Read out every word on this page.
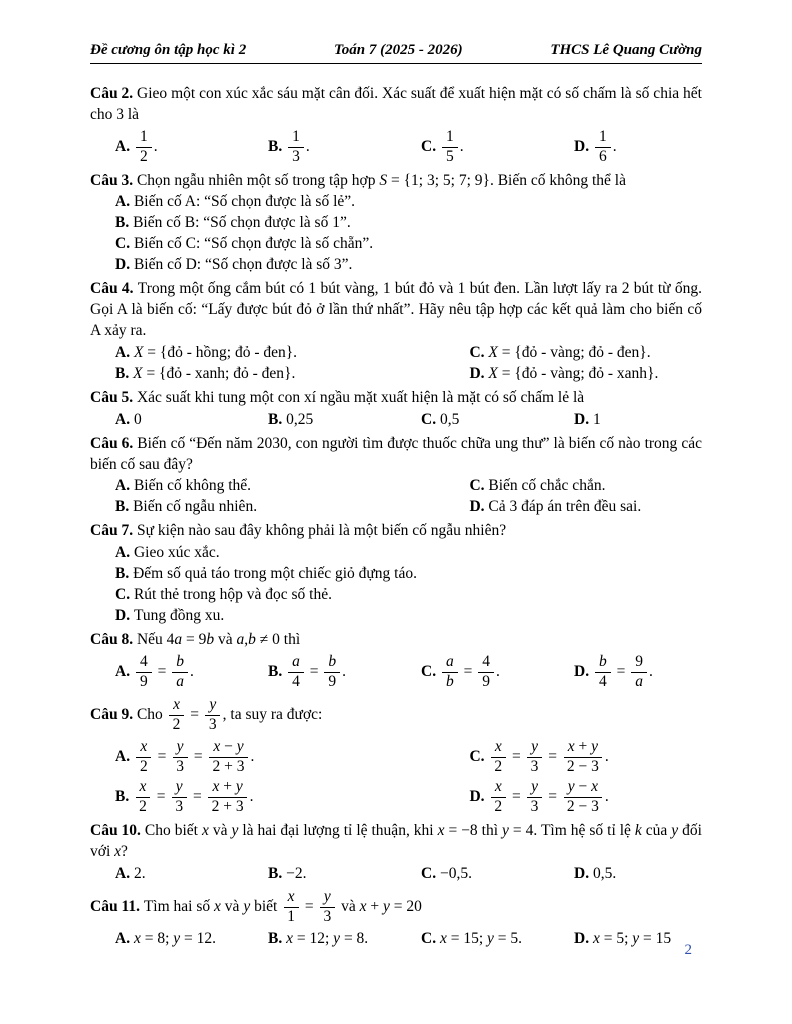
Đề cương ôn tập học kì 2	Toán 7 (2025 - 2026)	THCS Lê Quang Cường
Câu 2. Gieo một con xúc xắc sáu mặt cân đối. Xác suất để xuất hiện mặt có số chấm là số chia hết cho 3 là
A. $\frac{1}{2}$ .	B. $\frac{1}{3}$ .	C. $\frac{1}{5}$ .	D. $\frac{1}{6}$ .
Câu 3. Chọn ngẫu nhiên một số trong tập hợp S = {1; 3; 5; 7; 9}. Biến cố không thể là
A. Biến cố A: “Số chọn được là số lẻ”.
B. Biến cố B: “Số chọn được là số 1”.
C. Biến cố C: “Số chọn được là số chẵn”.
D. Biến cố D: “Số chọn được là số 3”.
Câu 4. Trong một ống cắm bút có 1 bút vàng, 1 bút đỏ và 1 bút đen. Lần lượt lấy ra 2 bút từ ống. Gọi A là biến cố: “Lấy được bút đỏ ở lần thứ nhất”. Hãy nêu tập hợp các kết quả làm cho biến cố A xảy ra.
A. X = {đỏ - hồng; đỏ - đen}.	C. X = {đỏ - vàng; đỏ - đen}.
B. X = {đỏ - xanh; đỏ - đen}.	D. X = {đỏ - vàng; đỏ - xanh}.
Câu 5. Xác suất khi tung một con xí ngầu mặt xuất hiện là mặt có số chấm lẻ là
A. 0	B. 0,25	C. 0,5	D. 1
Câu 6. Biến cố “Đến năm 2030, con người tìm được thuốc chữa ung thư” là biến cố nào trong các biến cố sau đây?
A. Biến cố không thể.	C. Biến cố chắc chắn.
B. Biến cố ngẫu nhiên.	D. Cả 3 đáp án trên đều sai.
Câu 7. Sự kiện nào sau đây không phải là một biến cố ngẫu nhiên?
A. Gieo xúc xắc.
B. Đếm số quả táo trong một chiếc giỏ đựng táo.
C. Rút thẻ trong hộp và đọc số thẻ.
D. Tung đồng xu.
Câu 8. Nếu 4a = 9b và a,b ≠ 0 thì
A. $\frac{4}{9} = \frac{b}{a}$ .	B. $\frac{a}{4} = \frac{b}{9}$ .	C. $\frac{a}{b} = \frac{4}{9}$ .	D. $\frac{b}{4} = \frac{9}{a}$ .
Câu 9. Cho $\frac{x}{2} = \frac{y}{3}$ , ta suy ra được:
A. $\frac{x}{2} = \frac{y}{3} = \frac{x - y}{2 + 3}$ .	C. $\frac{x}{2} = \frac{y}{3} = \frac{x + y}{2 - 3}$ .
B. $\frac{x}{2} = \frac{y}{3} = \frac{x + y}{2 + 3}$ .	D. $\frac{x}{2} = \frac{y}{3} = \frac{y - x}{2 - 3}$ .
Câu 10. Cho biết x và y là hai đại lượng tỉ lệ thuận, khi x = −8 thì y = 4. Tìm hệ số tỉ lệ k của y đối với x?
A. 2.	B. −2.	C. −0,5.	D. 0,5.
Câu 11. Tìm hai số x và y biết $\frac{x}{1} = \frac{y}{3}$ và x + y = 20
A. x = 8; y = 12.	B. x = 12; y = 8.	C. x = 15; y = 5.	D. x = 5; y = 15
2
